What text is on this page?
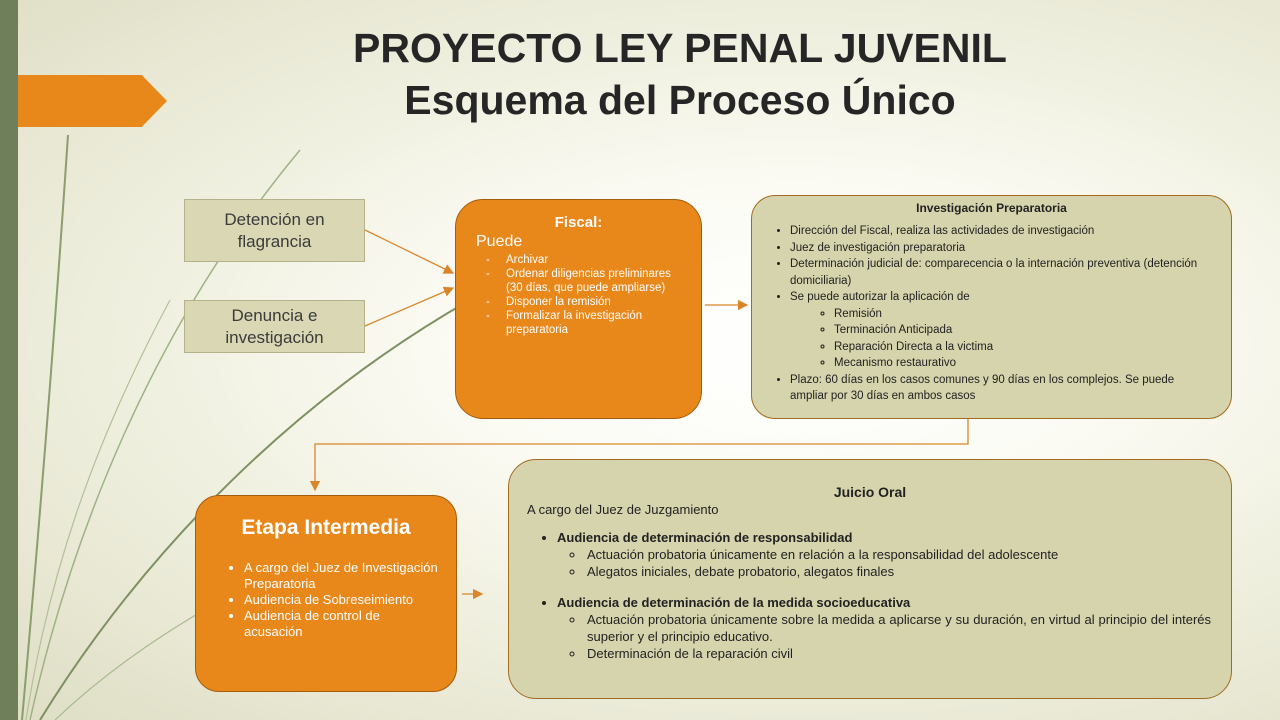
PROYECTO LEY PENAL JUVENIL
Esquema del Proceso Único
Detención en flagrancia
Denuncia e investigación
Fiscal:
Puede
- Archivar
- Ordenar diligencias preliminares (30 días, que puede ampliarse)
- Disponer la remisión
- Formalizar la investigación preparatoria
Investigación Preparatoria
• Dirección del Fiscal, realiza las actividades de investigación
• Juez de investigación preparatoria
• Determinación judicial de: comparecencia o la internación preventiva (detención domiciliaria)
• Se puede autorizar la aplicación de
◦ Remisión
◦ Terminación Anticipada
◦ Reparación Directa a la victima
◦ Mecanismo restaurativo
• Plazo: 60 días en los casos comunes y 90 días en los complejos. Se puede ampliar por 30 días en ambos casos
Etapa Intermedia
• A cargo del Juez de Investigación Preparatoria
• Audiencia de Sobreseimiento
• Audiencia de control de acusación
Juicio Oral
A cargo del Juez de Juzgamiento
• Audiencia de determinación de responsabilidad
◦ Actuación probatoria únicamente en relación a la responsabilidad del adolescente
◦ Alegatos iniciales, debate probatorio, alegatos finales
• Audiencia de determinación de la medida socioeducativa
◦ Actuación probatoria únicamente sobre la medida a aplicarse y su duración, en virtud al principio del interés superior y el principio educativo.
◦ Determinación de la reparación civil
